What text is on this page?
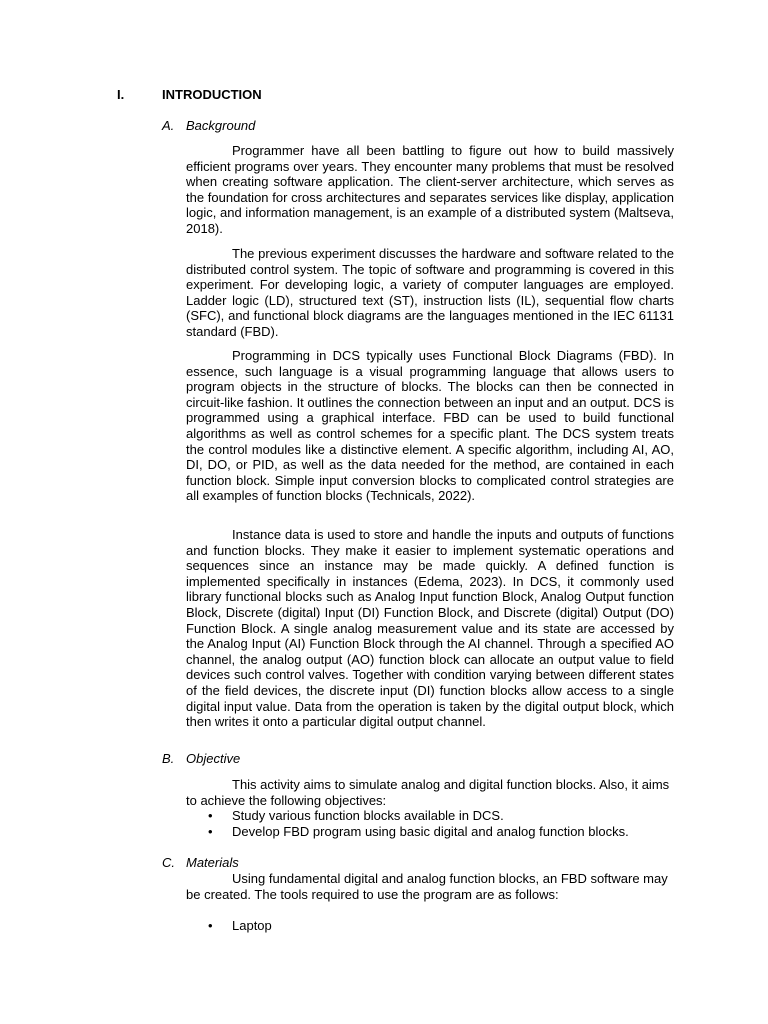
I.	INTRODUCTION
A. Background

Programmer have all been battling to figure out how to build massively efficient programs over years. They encounter many problems that must be resolved when creating software application. The client-server architecture, which serves as the foundation for cross architectures and separates services like display, application logic, and information management, is an example of a distributed system (Maltseva, 2018).

The previous experiment discusses the hardware and software related to the distributed control system. The topic of software and programming is covered in this experiment. For developing logic, a variety of computer languages are employed. Ladder logic (LD), structured text (ST), instruction lists (IL), sequential flow charts (SFC), and functional block diagrams are the languages mentioned in the IEC 61131 standard (FBD).

Programming in DCS typically uses Functional Block Diagrams (FBD). In essence, such language is a visual programming language that allows users to program objects in the structure of blocks. The blocks can then be connected in circuit-like fashion. It outlines the connection between an input and an output. DCS is programmed using a graphical interface. FBD can be used to build functional algorithms as well as control schemes for a specific plant. The DCS system treats the control modules like a distinctive element. A specific algorithm, including AI, AO, DI, DO, or PID, as well as the data needed for the method, are contained in each function block. Simple input conversion blocks to complicated control strategies are all examples of function blocks (Technicals, 2022).

Instance data is used to store and handle the inputs and outputs of functions and function blocks. They make it easier to implement systematic operations and sequences since an instance may be made quickly. A defined function is implemented specifically in instances (Edema, 2023). In DCS, it commonly used library functional blocks such as Analog Input function Block, Analog Output function Block, Discrete (digital) Input (DI) Function Block, and Discrete (digital) Output (DO) Function Block. A single analog measurement value and its state are accessed by the Analog Input (AI) Function Block through the AI channel. Through a specified AO channel, the analog output (AO) function block can allocate an output value to field devices such control valves. Together with condition varying between different states of the field devices, the discrete input (DI) function blocks allow access to a single digital input value. Data from the operation is taken by the digital output block, which then writes it onto a particular digital output channel.

B. Objective

This activity aims to simulate analog and digital function blocks. Also, it aims to achieve the following objectives:

• Study various function blocks available in DCS.
• Develop FBD program using basic digital and analog function blocks.
C. Materials

Using fundamental digital and analog function blocks, an FBD software may be created. The tools required to use the program are as follows:

• Laptop
